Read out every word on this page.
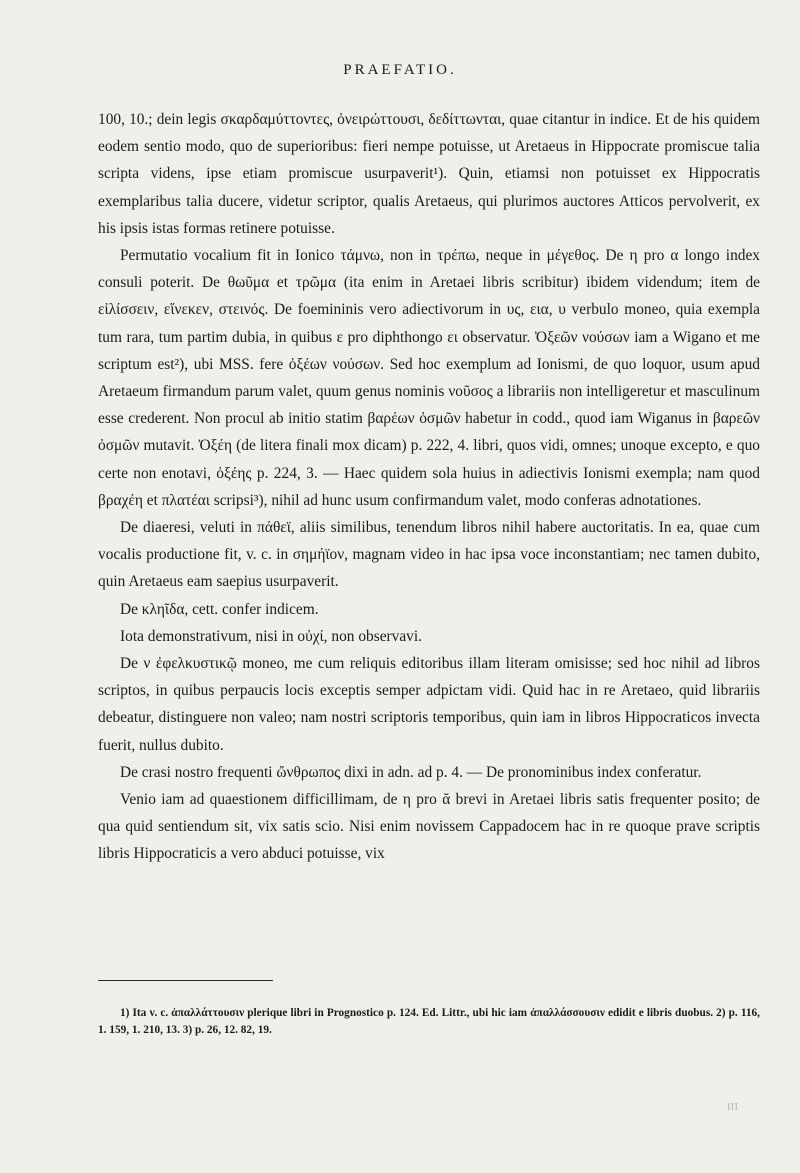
PRAEFATIO.

100, 10.; dein legis σκαρδαμύττοντες, ὀνειρώττουσι, δεδίττωνται, quae citantur in indice. Et de his quidem eodem sentio modo, quo de superioribus: fieri nempe potuisse, ut Aretaeus in Hippocrate promiscue talia scripta videns, ipse etiam promiscue usurpaverit¹). Quin, etiamsi non potuisset ex Hippocratis exemplaribus talia ducere, videtur scriptor, qualis Aretaeus, qui plurimos auctores Atticos pervolverit, ex his ipsis istas formas retinere potuisse.

Permutatio vocalium fit in Ionico τάμνω, non in τρέπω, neque in μέγεθος. De η pro α longo index consuli poterit. De θωῦμα et τρῶμα (ita enim in Aretaei libris scribitur) ibidem videndum; item de εἰλίσσειν, εἵνεκεν, στεινός. De foemininis vero adiectivorum in υς, εια, υ verbulo moneo, quia exempla tum rara, tum partim dubia, in quibus ε pro diphthongo ει observatur. Ὀξεῶν νούσων iam a Wigano et me scriptum est²), ubi MSS. fere ὀξέων νούσων. Sed hoc exemplum ad Ionismi, de quo loquor, usum apud Aretaeum firmandum parum valet, quum genus nominis νοῦσος a librariis non intelligeretur et masculinum esse crederent. Non procul ab initio statim βαρέων ὀσμῶν habetur in codd., quod iam Wiganus in βαρεῶν ὀσμῶν mutavit. Ὀξέη (de litera finali mox dicam) p. 222, 4. libri, quos vidi, omnes; unoque excepto, e quo certe non enotavi, ὀξέης p. 224, 3. — Haec quidem sola huius in adiectivis Ionismi exempla; nam quod βραχέη et πλατέαι scripsi³), nihil ad hunc usum confirmandum valet, modo conferas adnotationes.

De diaeresi, veluti in πάθεϊ, aliis similibus, tenendum libros nihil habere auctoritatis. In ea, quae cum vocalis productione fit, v. c. in σημήϊον, magnam video in hac ipsa voce inconstantiam; nec tamen dubito, quin Aretaeus eam saepius usurpaverit.

De κληῖδα, cett. confer indicem.

Iota demonstrativum, nisi in οὐχί, non observavi.

De ν ἐφελκυστικῷ moneo, me cum reliquis editoribus illam literam omisisse; sed hoc nihil ad libros scriptos, in quibus perpaucis locis exceptis semper adpictam vidi. Quid hac in re Aretaeo, quid librariis debeatur, distinguere non valeo; nam nostri scriptoris temporibus, quin iam in libros Hippocraticos invecta fuerit, nullus dubito.

De crasi nostro frequenti ὤνθρωπος dixi in adn. ad p. 4. — De pronominibus index conferatur.

Venio iam ad quaestionem difficillimam, de η pro ᾰ brevi in Aretaei libris satis frequenter posito; de qua quid sentiendum sit, vix satis scio. Nisi enim novissem Cappadocem hac in re quoque prave scriptis libris Hippocraticis a vero abduci potuisse, vix

1) Ita v. c. ἀπαλλάττουσιν plerique libri in Prognostico p. 124. Ed. Littr., ubi hic iam ἀπαλλάσσουσιν edidit e libris duobus. 2) p. 116, 1. 159, 1. 210, 13. 3) p. 26, 12. 82, 19.

III
